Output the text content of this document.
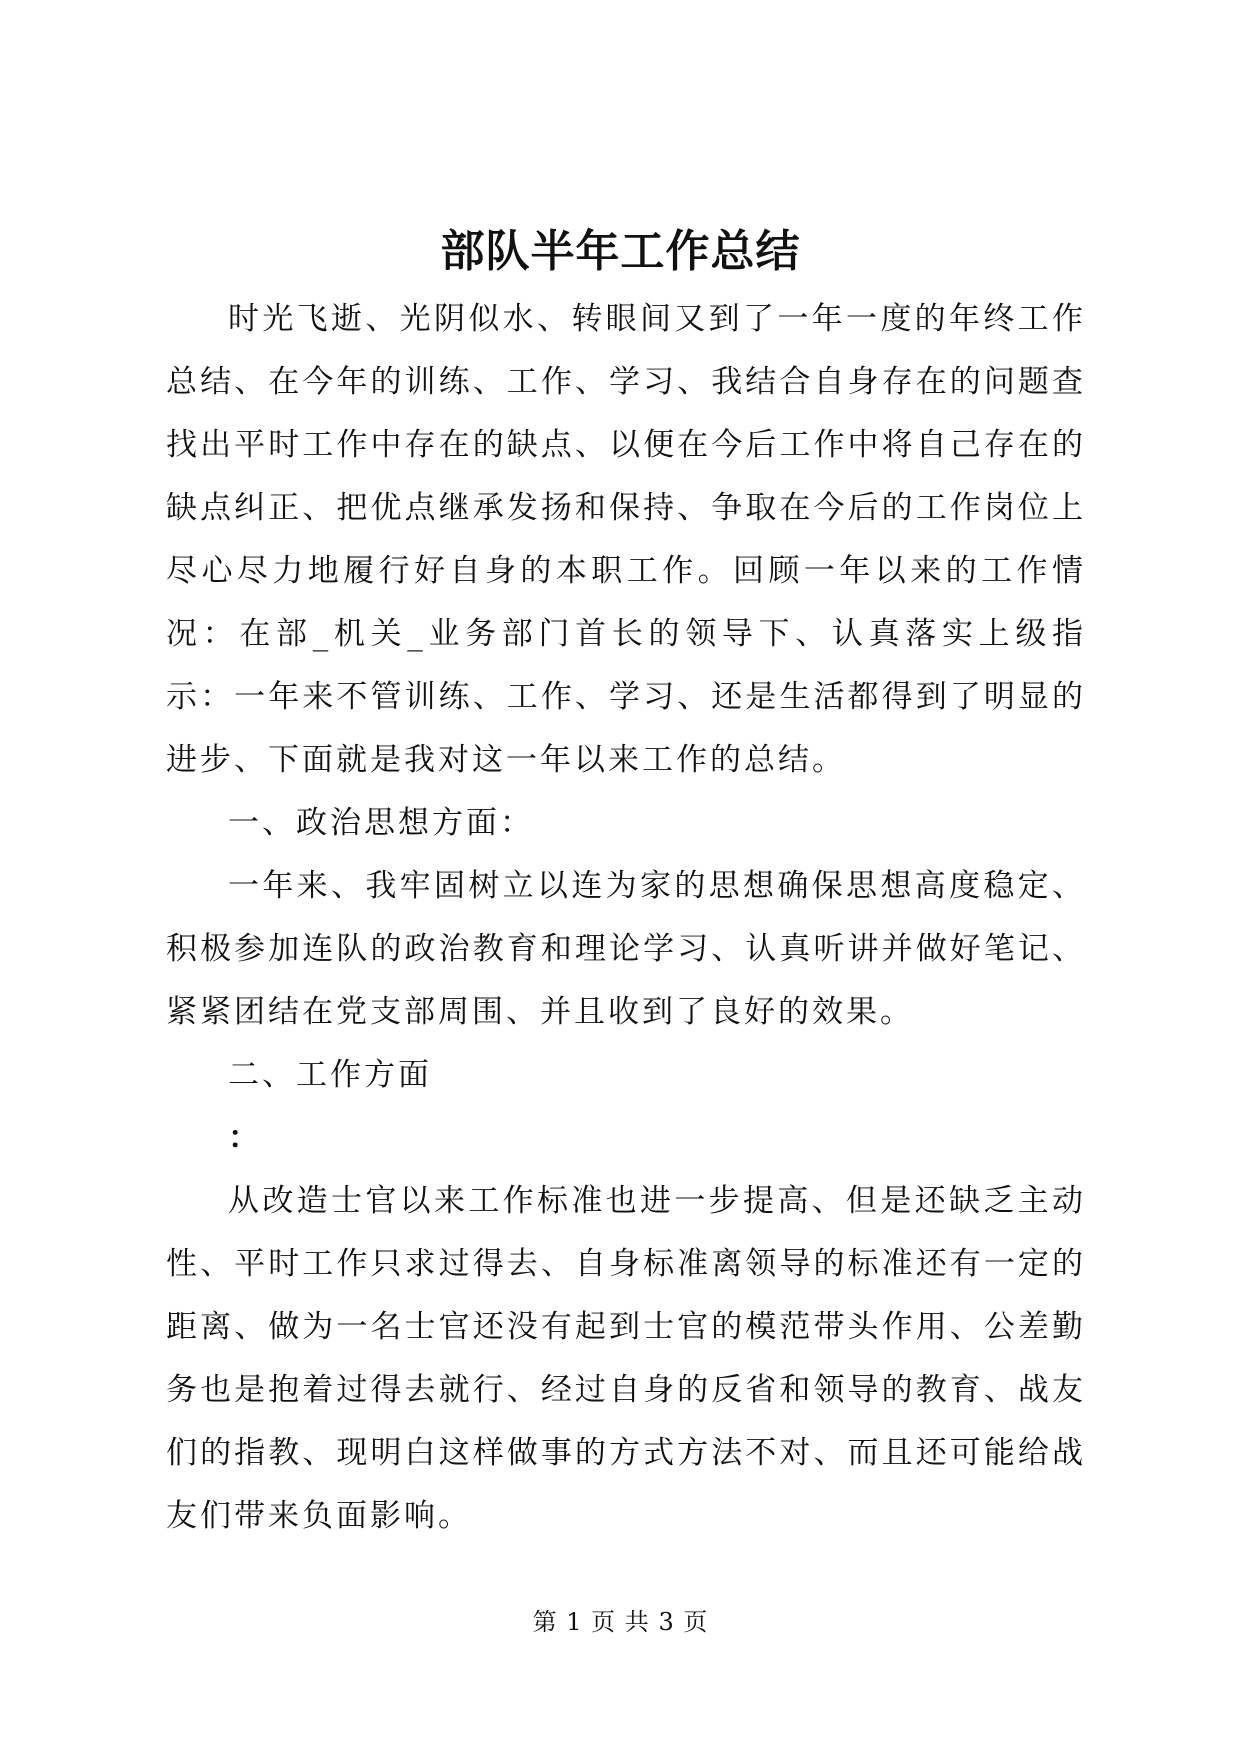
部队半年工作总结

时光飞逝、光阴似水、转眼间又到了一年一度的年终工作总结、在今年的训练、工作、学习、我结合自身存在的问题查找出平时工作中存在的缺点、以便在今后工作中将自己存在的缺点纠正、把优点继承发扬和保持、争取在今后的工作岗位上尽心尽力地履行好自身的本职工作。回顾一年以来的工作情况：在部_机关_业务部门首长的领导下、认真落实上级指示：一年来不管训练、工作、学习、还是生活都得到了明显的进步、下面就是我对这一年以来工作的总结。

一、政治思想方面：

一年来、我牢固树立以连为家的思想确保思想高度稳定、积极参加连队的政治教育和理论学习、认真听讲并做好笔记、紧紧团结在党支部周围、并且收到了良好的效果。

二、工作方面

：

从改造士官以来工作标准也进一步提高、但是还缺乏主动性、平时工作只求过得去、自身标准离领导的标准还有一定的距离、做为一名士官还没有起到士官的模范带头作用、公差勤务也是抱着过得去就行、经过自身的反省和领导的教育、战友们的指教、现明白这样做事的方式方法不对、而且还可能给战友们带来负面影响。

第 1 页 共 3 页
